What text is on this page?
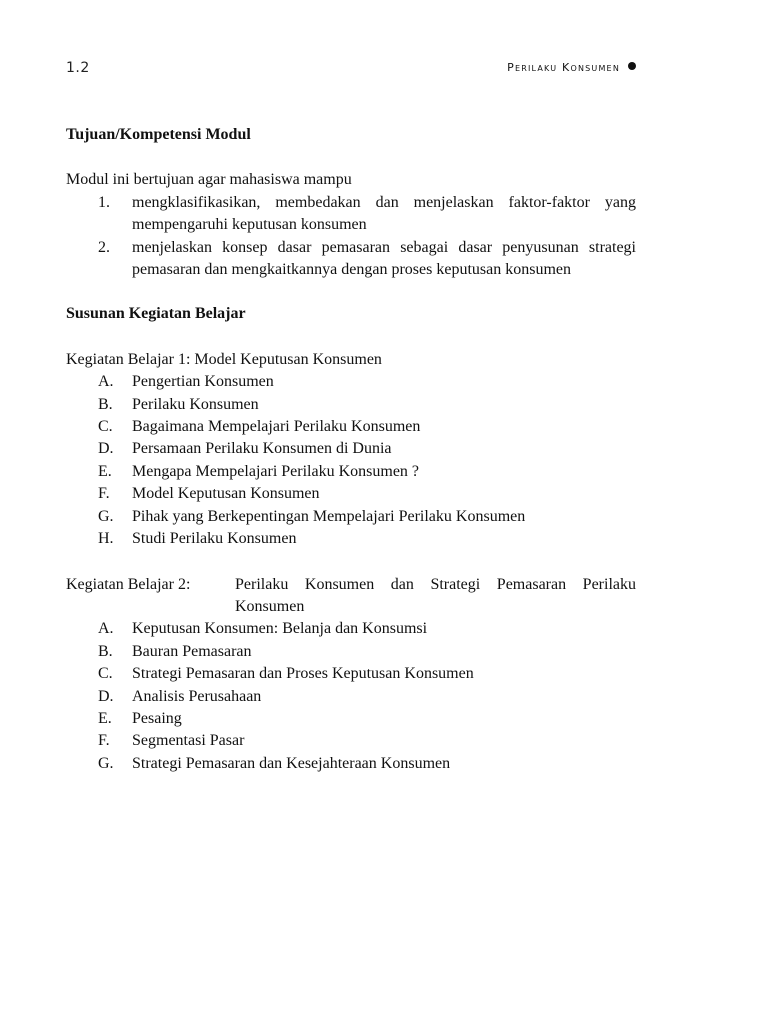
1.2	Perilaku Konsumen
Tujuan/Kompetensi Modul

Modul ini bertujuan agar mahasiswa mampu

1. mengklasifikasikan, membedakan dan menjelaskan faktor-faktor yang mempengaruhi keputusan konsumen
2. menjelaskan konsep dasar pemasaran sebagai dasar penyusunan strategi pemasaran dan mengkaitkannya dengan proses keputusan konsumen
Susunan Kegiatan Belajar

Kegiatan Belajar 1: Model Keputusan Konsumen

A. Pengertian Konsumen
B. Perilaku Konsumen
C. Bagaimana Mempelajari Perilaku Konsumen
D. Persamaan Perilaku Konsumen di Dunia
E. Mengapa Mempelajari Perilaku Konsumen ?
F. Model Keputusan Konsumen
G. Pihak yang Berkepentingan Mempelajari Perilaku Konsumen
H. Studi Perilaku Konsumen
Kegiatan Belajar 2:	Perilaku Konsumen dan Strategi Pemasaran Perilaku Konsumen
A. Keputusan Konsumen: Belanja dan Konsumsi
B. Bauran Pemasaran
C. Strategi Pemasaran dan Proses Keputusan Konsumen
D. Analisis Perusahaan
E. Pesaing
F. Segmentasi Pasar
G. Strategi Pemasaran dan Kesejahteraan Konsumen
